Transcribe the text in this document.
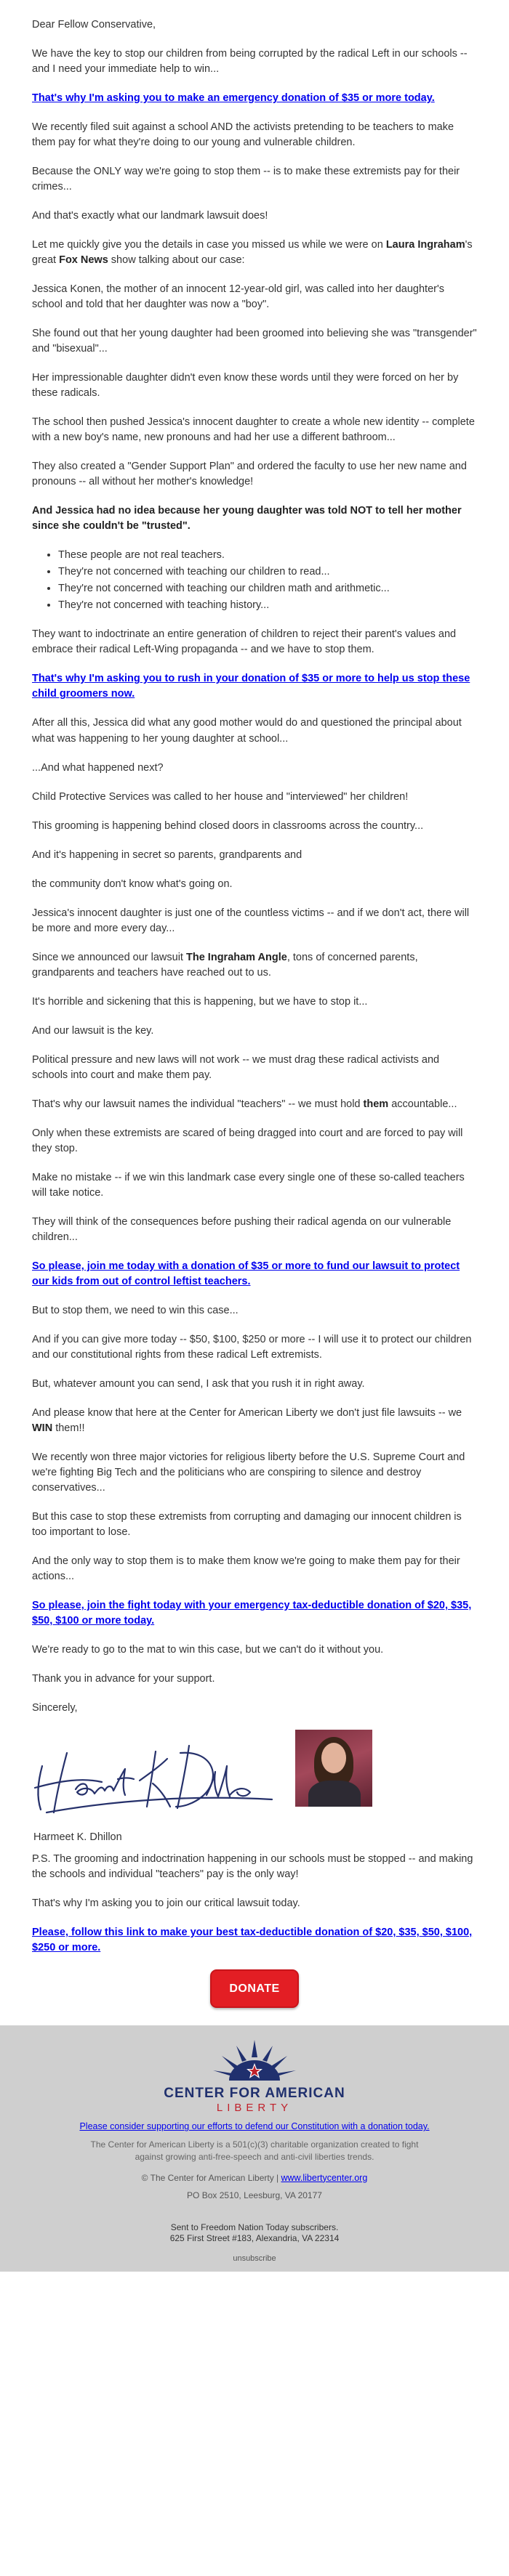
Dear Fellow Conservative,

We have the key to stop our children from being corrupted by the radical Left in our schools -- and I need your immediate help to win...

That's why I'm asking you to make an emergency donation of $35 or more today.

We recently filed suit against a school AND the activists pretending to be teachers to make them pay for what they're doing to our young and vulnerable children.

Because the ONLY way we're going to stop them -- is to make these extremists pay for their crimes...

And that's exactly what our landmark lawsuit does!

Let me quickly give you the details in case you missed us while we were on Laura Ingraham's great Fox News show talking about our case:

Jessica Konen, the mother of an innocent 12-year-old girl, was called into her daughter's school and told that her daughter was now a "boy".

She found out that her young daughter had been groomed into believing she was "transgender" and "bisexual"...

Her impressionable daughter didn't even know these words until they were forced on her by these radicals.

The school then pushed Jessica's innocent daughter to create a whole new identity -- complete with a new boy's name, new pronouns and had her use a different bathroom...

They also created a "Gender Support Plan" and ordered the faculty to use her new name and pronouns -- all without her mother's knowledge!

And Jessica had no idea because her young daughter was told NOT to tell her mother since she couldn't be "trusted".

• These people are not real teachers.
• They're not concerned with teaching our children to read...
• They're not concerned with teaching our children math and arithmetic...
• They're not concerned with teaching history...

They want to indoctrinate an entire generation of children to reject their parent's values and embrace their radical Left-Wing propaganda -- and we have to stop them.

That's why I'm asking you to rush in your donation of $35 or more to help us stop these child groomers now.

After all this, Jessica did what any good mother would do and questioned the principal about what was happening to her young daughter at school...

...And what happened next?

Child Protective Services was called to her house and "interviewed" her children!

This grooming is happening behind closed doors in classrooms across the country...

And it's happening in secret so parents, grandparents and

the community don't know what's going on.

Jessica's innocent daughter is just one of the countless victims -- and if we don't act, there will be more and more every day...

Since we announced our lawsuit The Ingraham Angle, tons of concerned parents, grandparents and teachers have reached out to us.

It's horrible and sickening that this is happening, but we have to stop it...

And our lawsuit is the key.

Political pressure and new laws will not work -- we must drag these radical activists and schools into court and make them pay.

That's why our lawsuit names the individual "teachers" -- we must hold them accountable...

Only when these extremists are scared of being dragged into court and are forced to pay will they stop.

Make no mistake -- if we win this landmark case every single one of these so-called teachers will take notice.

They will think of the consequences before pushing their radical agenda on our vulnerable children...

So please, join me today with a donation of $35 or more to fund our lawsuit to protect our kids from out of control leftist teachers.

But to stop them, we need to win this case...

And if you can give more today -- $50, $100, $250 or more -- I will use it to protect our children and our constitutional rights from these radical Left extremists.

But, whatever amount you can send, I ask that you rush it in right away.

And please know that here at the Center for American Liberty we don't just file lawsuits -- we WIN them!!

We recently won three major victories for religious liberty before the U.S. Supreme Court and we're fighting Big Tech and the politicians who are conspiring to silence and destroy conservatives...

But this case to stop these extremists from corrupting and damaging our innocent children is too important to lose.

And the only way to stop them is to make them know we're going to make them pay for their actions...

So please, join the fight today with your emergency tax-deductible donation of $20, $35, $50, $100 or more today.

We're ready to go to the mat to win this case, but we can't do it without you.

Thank you in advance for your support.

Sincerely,

Harmeet K. Dhillon

P.S. The grooming and indoctrination happening in our schools must be stopped -- and making the schools and individual "teachers" pay is the only way!

That's why I'm asking you to join our critical lawsuit today.

Please, follow this link to make your best tax-deductible donation of $20, $35, $50, $100, $250 or more.

DONATE
CENTER FOR AMERICAN
LIBERTY

Please consider supporting our efforts to defend our Constitution with a donation today.

The Center for American Liberty is a 501(c)(3) charitable organization created to fight against growing anti-free-speech and anti-civil liberties trends.

© The Center for American Liberty | www.libertycenter.org

PO Box 2510, Leesburg, VA 20177

Sent to Freedom Nation Today subscribers.
625 First Street #183, Alexandria, VA 22314
unsubscribe
